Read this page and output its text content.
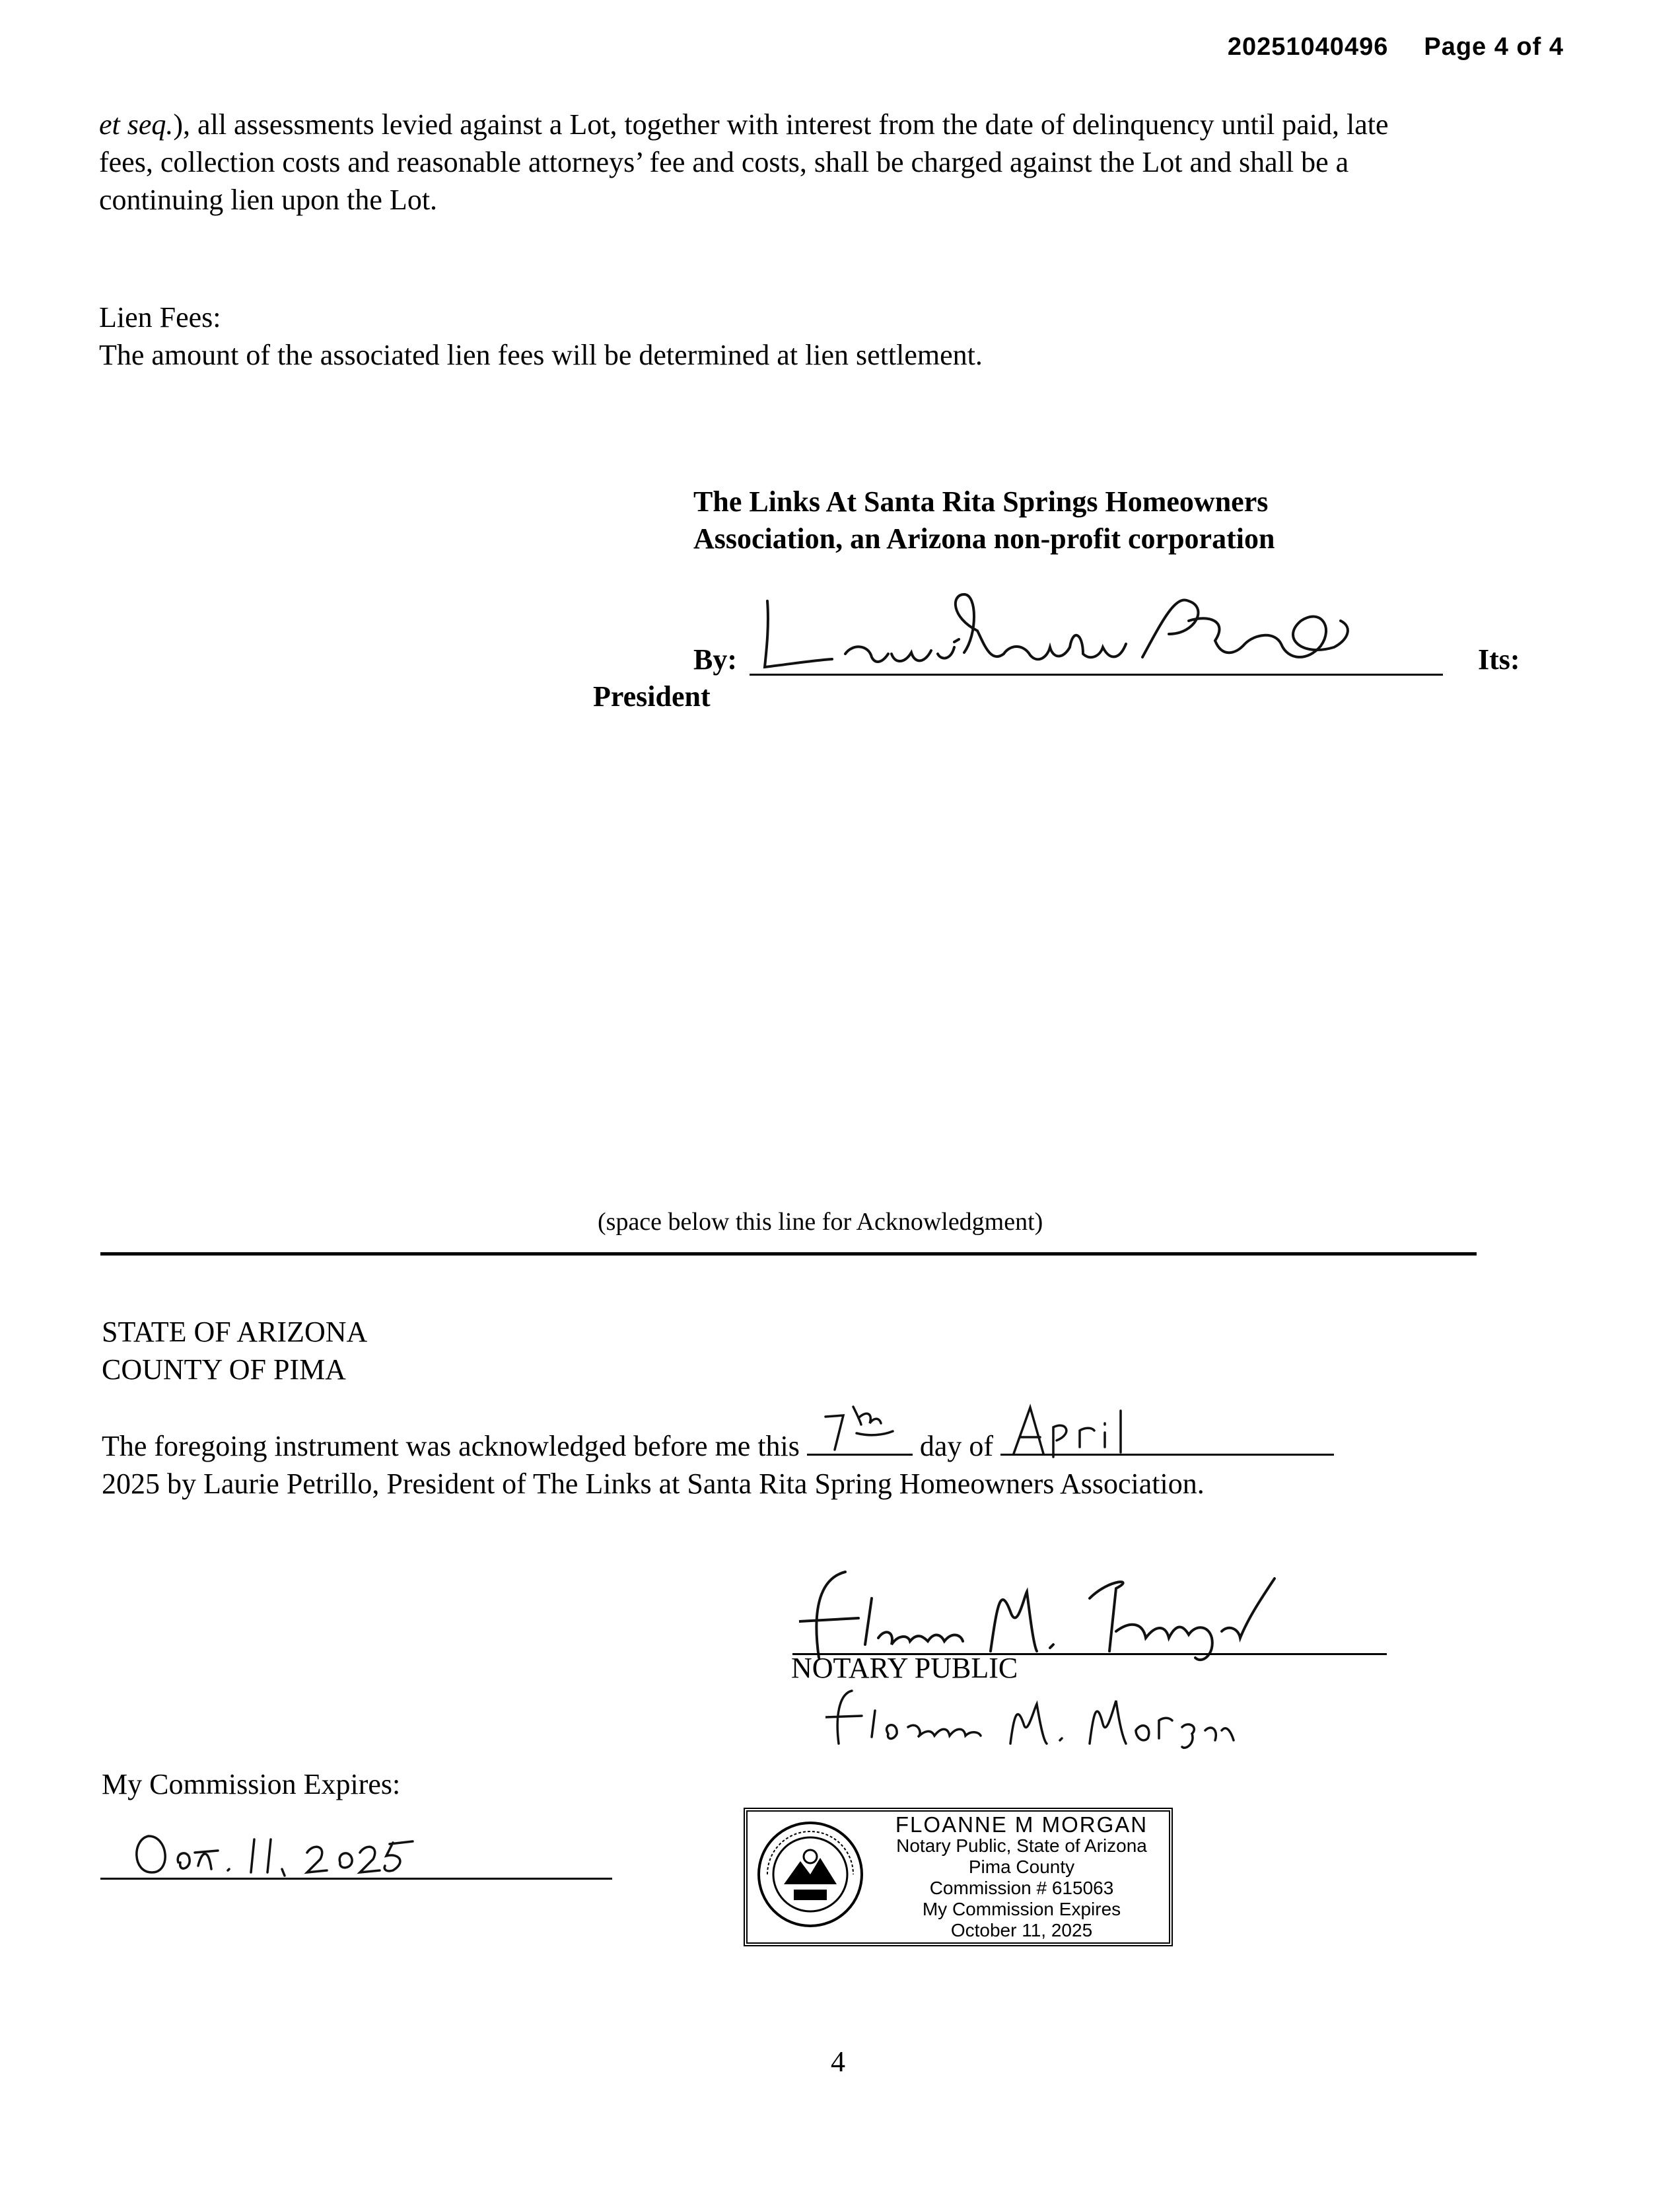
20251040496 Page 4 of 4
et seq.), all assessments levied against a Lot, together with interest from the date of delinquency until paid, late
fees, collection costs and reasonable attorneys’ fee and costs, shall be charged against the Lot and shall be a
continuing lien upon the Lot.
Lien Fees:
The amount of the associated lien fees will be determined at lien settlement.
The Links At Santa Rita Springs Homeowners
Association, an Arizona non-profit corporation
By:	Its:
President
(space below this line for Acknowledgment)
STATE OF ARIZONA
COUNTY OF PIMA
The foregoing instrument was acknowledged before me this	day of
2025 by Laurie Petrillo, President of The Links at Santa Rita Spring Homeowners Association.
NOTARY PUBLIC
My Commission Expires:
FLOANNE M MORGAN
Notary Public, State of Arizona
Pima County
Commission # 615063
My Commission Expires
October 11, 2025
4
